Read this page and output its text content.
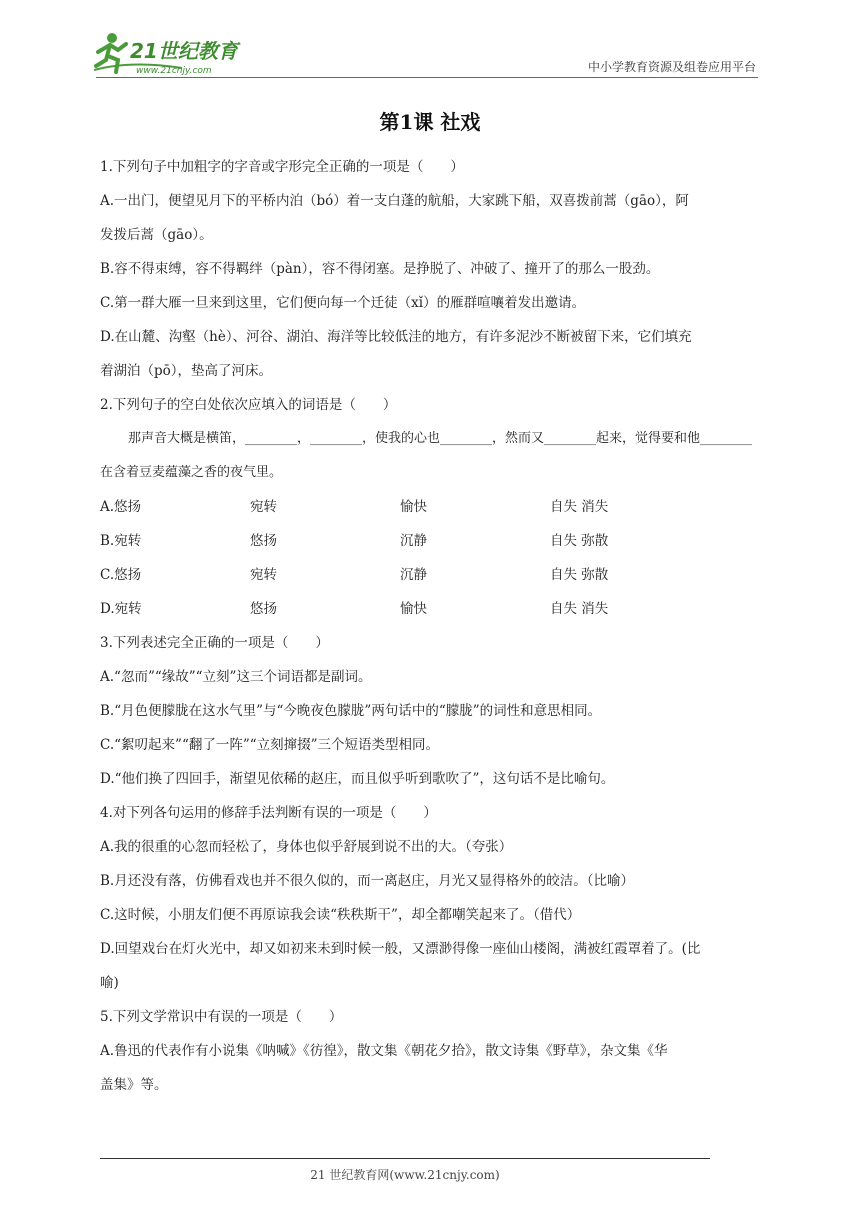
21世纪教育
www.21cnjy.com	中小学教育资源及组卷应用平台
第1课 社戏
1.下列句子中加粗字的字音或字形完全正确的一项是（　　）
A.一出门，便望见月下的平桥内泊（bó）着一支白蓬的航船，大家跳下船，双喜拨前蒿（gāo），阿
发拨后蒿（gāo）。
B.容不得束缚，容不得羁绊（pàn），容不得闭塞。是挣脱了、冲破了、撞开了的那么一股劲。
C.第一群大雁一旦来到这里，它们便向每一个迁徒（xǐ）的雁群喧嚷着发出邀请。
D.在山麓、沟壑（hè）、河谷、湖泊、海洋等比较低洼的地方，有许多泥沙不断被留下来，它们填充
着湖泊（pō），垫高了河床。
2.下列句子的空白处依次应填入的词语是（　　）
那声音大概是横笛，________，________，使我的心也________，然而又________起来，觉得要和他________在含着豆麦蕴藻之香的夜气里。
A.悠扬	宛转	愉快	自失 消失
B.宛转	悠扬	沉静	自失 弥散
C.悠扬	宛转	沉静	自失 弥散
D.宛转	悠扬	愉快	自失 消失
3.下列表述完全正确的一项是（　　）
A.“忽而”“缘故”“立刻”这三个词语都是副词。
B.“月色便朦胧在这水气里”与“今晚夜色朦胧”两句话中的“朦胧”的词性和意思相同。
C.“絮叨起来”“翻了一阵”“立刻撺掇”三个短语类型相同。
D.“他们换了四回手，渐望见依稀的赵庄，而且似乎听到歌吹了”，这句话不是比喻句。
4.对下列各句运用的修辞手法判断有误的一项是（　　）
A.我的很重的心忽而轻松了，身体也似乎舒展到说不出的大。（夸张）
B.月还没有落，仿佛看戏也并不很久似的，而一离赵庄，月光又显得格外的皎洁。（比喻）
C.这时候，小朋友们便不再原谅我会读“秩秩斯干”，却全都嘲笑起来了。（借代）
D.回望戏台在灯火光中，却又如初来未到时候一般，又漂渺得像一座仙山楼阁，满被红霞罩着了。(比
喻)
5.下列文学常识中有误的一项是（　　）
A.鲁迅的代表作有小说集《呐喊》《彷徨》，散文集《朝花夕拾》，散文诗集《野草》，杂文集《华
盖集》等。
21 世纪教育网(www.21cnjy.com)
